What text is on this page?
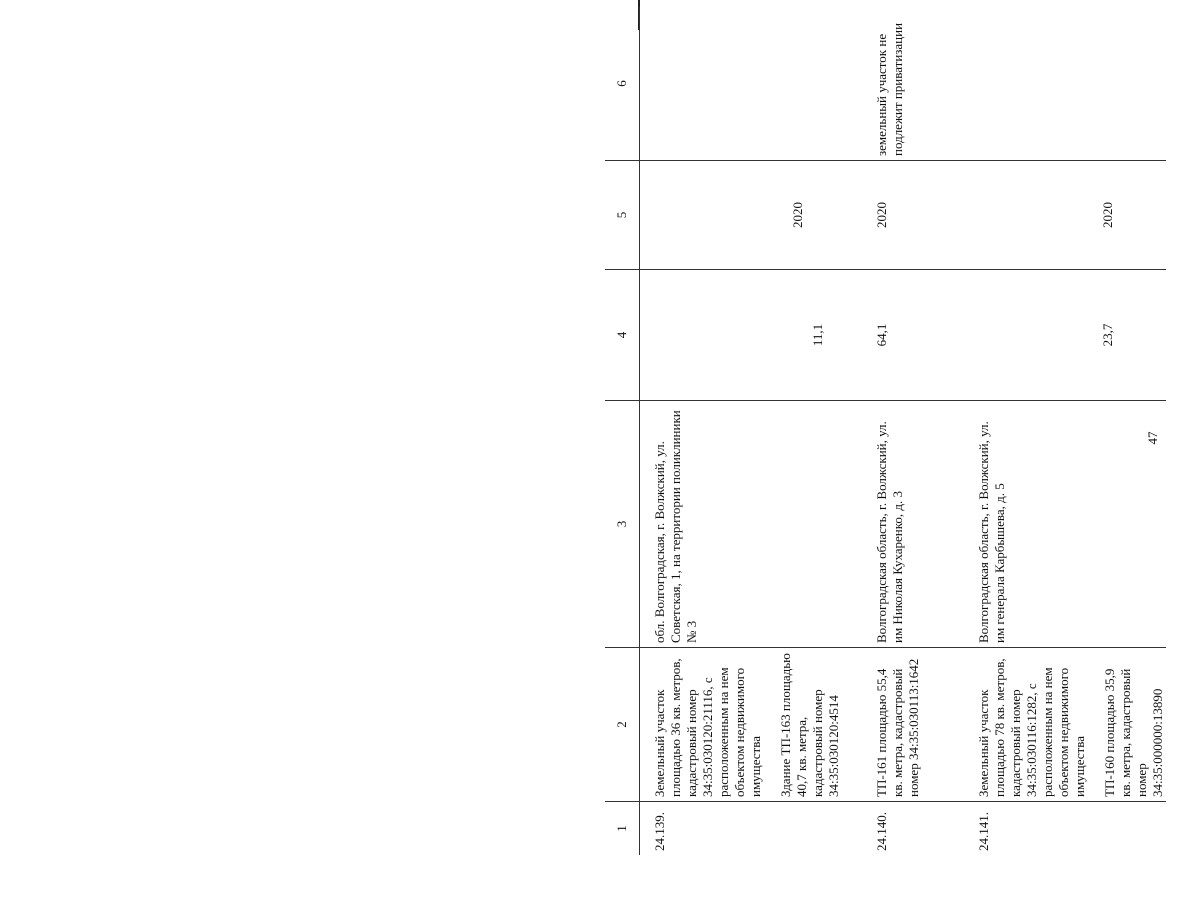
47
1	2	3	4	5	6
24.139.	Земельный участок площадью 36 кв. метров, кадастровый номер 34:35:030120:21116, с расположенным на нем объектом недвижимого имущества Здание ТП-163 площадью 40,7 кв. метра, кадастровый номер 34:35:030120:4514	обл. Волгоградская, г. Волжский, ул. Советская, 1, на территории поликлиники № 3	11,1	2020	

24.140.	ТП-161 площадью 55,4 кв. метра, кадастровый номер 34:35:030113:1642	Волгоградская область, г. Волжский, ул. им Николая Кухаренко, д. 3	64,1	2020	земельный участок не подлежит приватизации
24.141.	Земельный участок площадью 78 кв. метров, кадастровый номер 34:35:030116:1282, с расположенным на нем объектом недвижимого имущества ТП-160 площадью 35,9 кв. метра, кадастровый номер 34:35:000000:13890	Волгоградская область, г. Волжский, ул. им генерала Карбышева, д. 5	23,7	2020	
